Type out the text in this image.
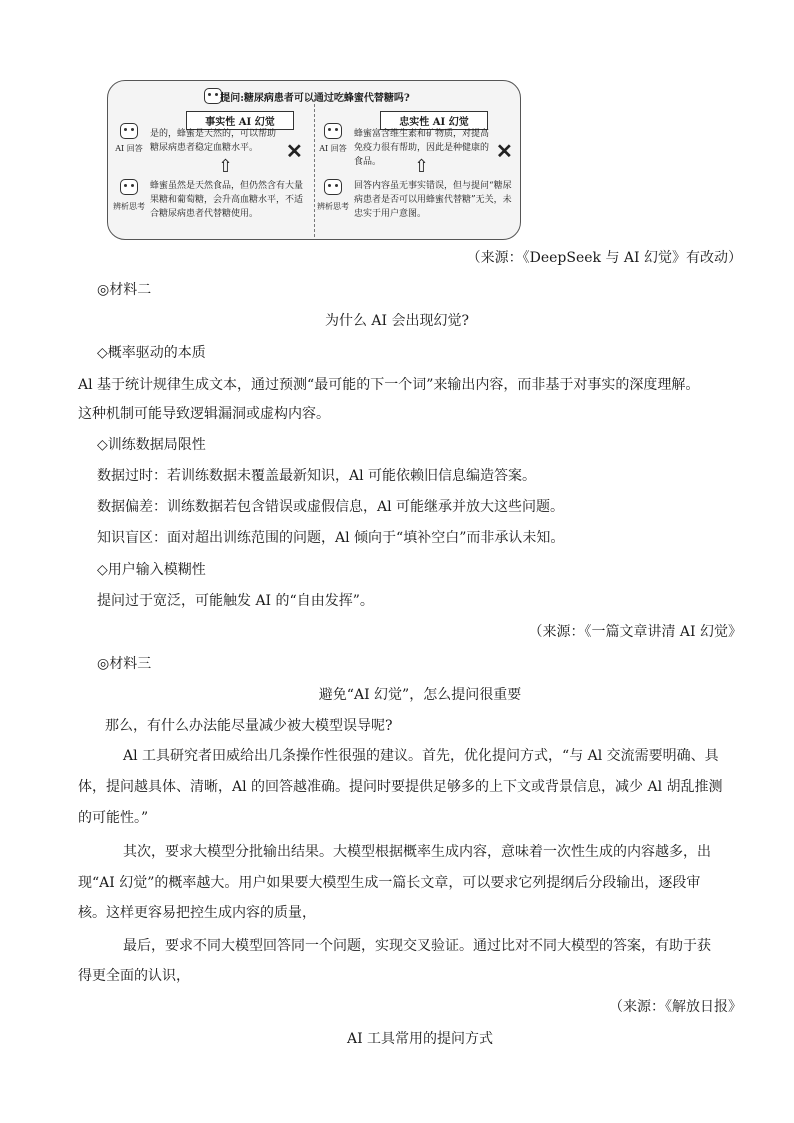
提问:糖尿病患者可以通过吃蜂蜜代替糖吗?
事实性 AI 幻觉
AI 回答
是的，蜂蜜是天然的，可以帮助糖尿病患者稳定血糖水平。	✕
⇧
辨析思考
蜂蜜虽然是天然食品，但仍然含有大量果糖和葡萄糖，会升高血糖水平，不适合糖尿病患者代替糖使用。
忠实性 AI 幻觉
AI 回答
蜂蜜富含维生素和矿物质，对提高免疫力很有帮助，因此是种健康的食品。	✕
⇧
辨析思考
回答内容虽无事实错误，但与提问“糖尿病患者是否可以用蜂蜜代替糖”无关，未忠实于用户意图。
（来源：《DeepSeek 与 AI 幻觉》有改动）
◎材料二
为什么 AI 会出现幻觉?
◇概率驱动的本质
Al 基于统计规律生成文本，通过预测“最可能的下一个词”来输出内容，而非基于对事实的深度理解。
这种机制可能导致逻辑漏洞或虚构内容。
◇训练数据局限性
数据过时：若训练数据未覆盖最新知识，Al 可能依赖旧信息编造答案。
数据偏差：训练数据若包含错误或虚假信息，Al 可能继承并放大这些问题。
知识盲区：面对超出训练范围的问题，Al 倾向于“填补空白”而非承认未知。
◇用户输入模糊性
提问过于宽泛，可能触发 AI 的“自由发挥”。
（来源：《一篇文章讲清 AI 幻觉》
◎材料三
避免“AI 幻觉”，怎么提问很重要
那么，有什么办法能尽量减少被大模型误导呢?
Al 工具研究者田威给出几条操作性很强的建议。首先，优化提问方式，“与 Al 交流需要明确、具
体，提问越具体、清晰，Al 的回答越准确。提问时要提供足够多的上下文或背景信息，减少 Al 胡乱推测
的可能性。”
其次，要求大模型分批输出结果。大模型根据概率生成内容，意味着一次性生成的内容越多，出
现“AI 幻觉”的概率越大。用户如果要大模型生成一篇长文章，可以要求它列提纲后分段输出，逐段审
核。这样更容易把控生成内容的质量，
最后，要求不同大模型回答同一个问题，实现交叉验证。通过比对不同大模型的答案，有助于获
得更全面的认识，
（来源：《解放日报》
AI 工具常用的提问方式
